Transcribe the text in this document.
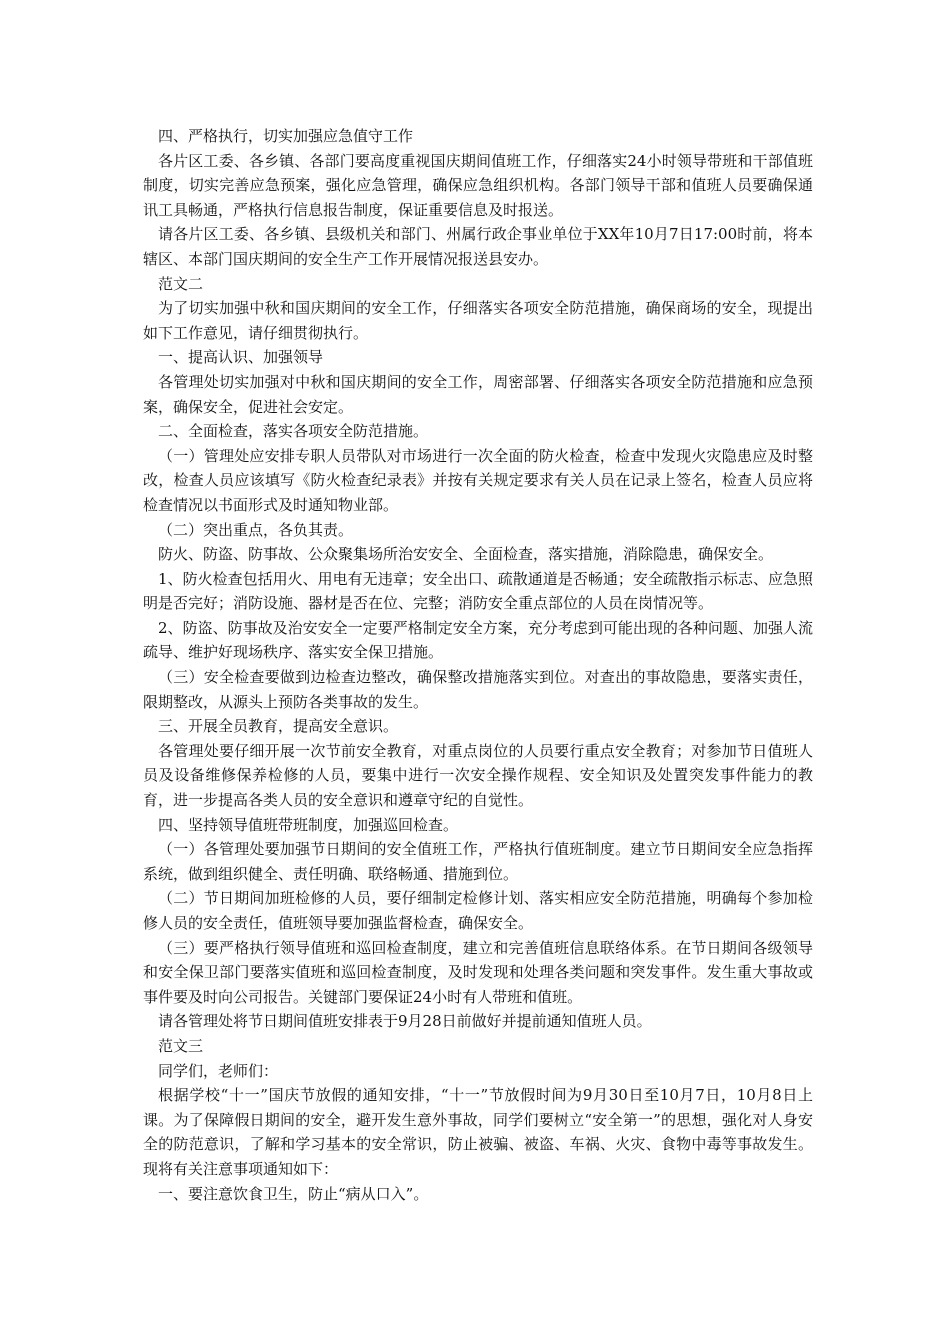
四、严格执行，切实加强应急值守工作

各片区工委、各乡镇、各部门要高度重视国庆期间值班工作，仔细落实24小时领导带班和干部值班制度，切实完善应急预案，强化应急管理，确保应急组织机构。各部门领导干部和值班人员要确保通讯工具畅通，严格执行信息报告制度，保证重要信息及时报送。

请各片区工委、各乡镇、县级机关和部门、州属行政企事业单位于XX年10月7日17:00时前，将本辖区、本部门国庆期间的安全生产工作开展情况报送县安办。

范文二

为了切实加强中秋和国庆期间的安全工作，仔细落实各项安全防范措施，确保商场的安全，现提出如下工作意见，请仔细贯彻执行。

一、提高认识、加强领导

各管理处切实加强对中秋和国庆期间的安全工作，周密部署、仔细落实各项安全防范措施和应急预案，确保安全，促进社会安定。

二、全面检查，落实各项安全防范措施。

（一）管理处应安排专职人员带队对市场进行一次全面的防火检查，检查中发现火灾隐患应及时整改，检查人员应该填写《防火检查纪录表》并按有关规定要求有关人员在记录上签名，检查人员应将检查情况以书面形式及时通知物业部。

（二）突出重点，各负其责。

防火、防盗、防事故、公众聚集场所治安安全、全面检查，落实措施，消除隐患，确保安全。

1、防火检查包括用火、用电有无违章；安全出口、疏散通道是否畅通；安全疏散指示标志、应急照明是否完好；消防设施、器材是否在位、完整；消防安全重点部位的人员在岗情况等。

2、防盗、防事故及治安安全一定要严格制定安全方案，充分考虑到可能出现的各种问题、加强人流疏导、维护好现场秩序、落实安全保卫措施。

（三）安全检查要做到边检查边整改，确保整改措施落实到位。对查出的事故隐患，要落实责任，限期整改，从源头上预防各类事故的发生。

三、开展全员教育，提高安全意识。

各管理处要仔细开展一次节前安全教育，对重点岗位的人员要行重点安全教育；对参加节日值班人员及设备维修保养检修的人员，要集中进行一次安全操作规程、安全知识及处置突发事件能力的教育，进一步提高各类人员的安全意识和遵章守纪的自觉性。

四、坚持领导值班带班制度，加强巡回检查。

（一）各管理处要加强节日期间的安全值班工作，严格执行值班制度。建立节日期间安全应急指挥系统，做到组织健全、责任明确、联络畅通、措施到位。

（二）节日期间加班检修的人员，要仔细制定检修计划、落实相应安全防范措施，明确每个参加检修人员的安全责任，值班领导要加强监督检查，确保安全。

（三）要严格执行领导值班和巡回检查制度，建立和完善值班信息联络体系。在节日期间各级领导和安全保卫部门要落实值班和巡回检查制度，及时发现和处理各类问题和突发事件。发生重大事故或事件要及时向公司报告。关键部门要保证24小时有人带班和值班。

请各管理处将节日期间值班安排表于9月28日前做好并提前通知值班人员。

范文三

同学们，老师们：

根据学校“十一”国庆节放假的通知安排，“十一”节放假时间为9月30日至10月7日，10月8日上课。为了保障假日期间的安全，避开发生意外事故，同学们要树立“安全第一”的思想，强化对人身安全的防范意识，了解和学习基本的安全常识，防止被骗、被盗、车祸、火灾、食物中毒等事故发生。现将有关注意事项通知如下：

一、要注意饮食卫生，防止“病从口入”。
